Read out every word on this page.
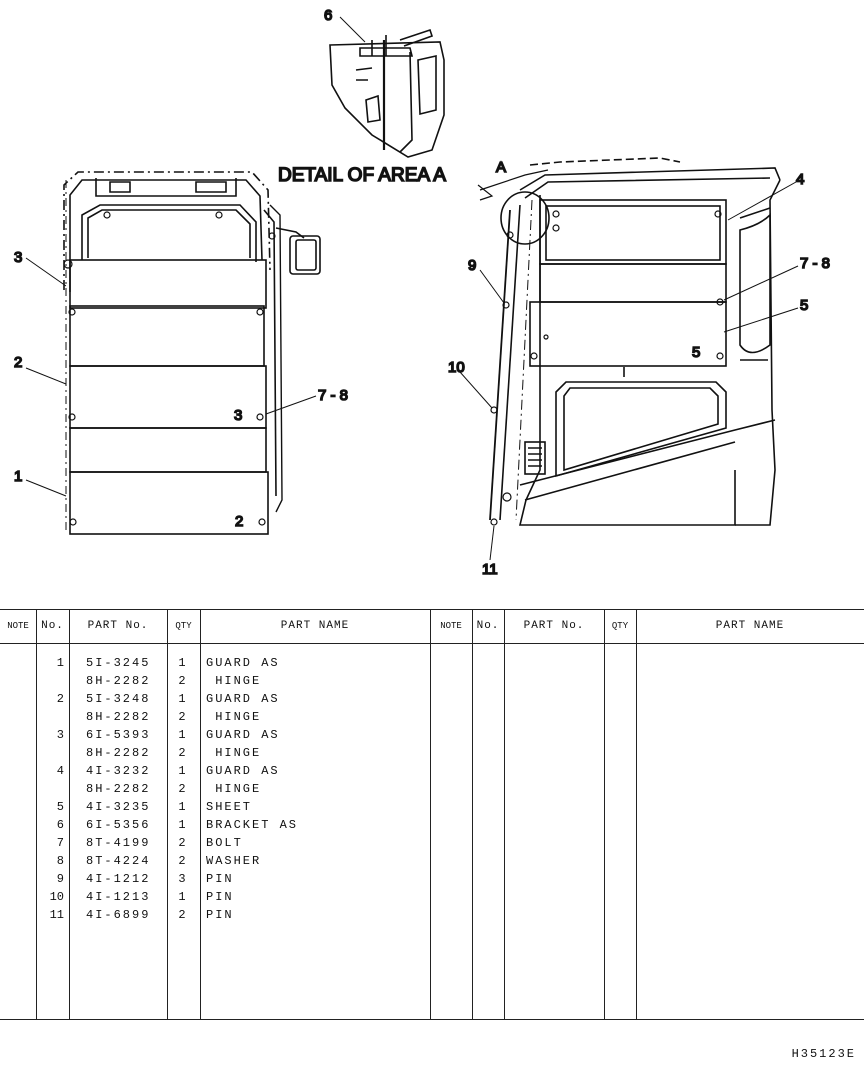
6
DETAIL OF AREA A
3
2
1
7 - 8
3
2
A
4
7 - 8
5
9
10
11
5
NOTE	No.	PART No.	QTY	PART NAME	NOTE	No.	PART No.	QTY	PART NAME
1 5I-3245	1	GUARD AS
8H-2282	2	HINGE
2 5I-3248	1	GUARD AS
8H-2282	2	HINGE
3 6I-5393	1	GUARD AS
8H-2282	2	HINGE
4 4I-3232	1	GUARD AS
8H-2282	2	HINGE
5 4I-3235	1	SHEET
6 6I-5356	1	BRACKET AS
7 8T-4199	2	BOLT
8 8T-4224	2	WASHER
9 4I-1212	3	PIN
10 4I-1213	1	PIN
11 4I-6899	2	PIN
H35123E
